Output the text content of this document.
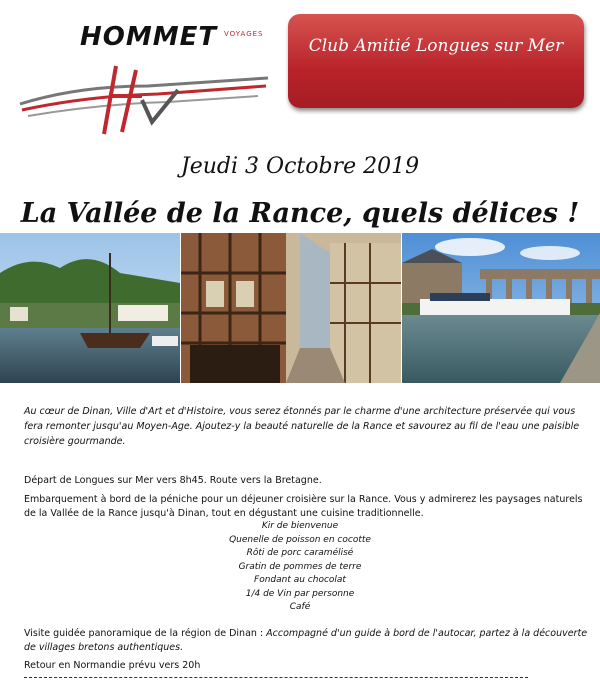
HOMMET VOYAGES
Club Amitié Longues sur Mer
Jeudi 3 Octobre 2019
La Vallée de la Rance, quels délices !
Au cœur de Dinan, Ville d'Art et d'Histoire, vous serez étonnés par le charme d'une architecture préservée qui vous fera remonter jusqu'au Moyen-Age. Ajoutez-y la beauté naturelle de la Rance et savourez au fil de l'eau une paisible croisière gourmande.
Départ de Longues sur Mer vers 8h45. Route vers la Bretagne.
Embarquement à bord de la péniche pour un déjeuner croisière sur la Rance. Vous y admirerez les paysages naturels de la Vallée de la Rance jusqu'à Dinan, tout en dégustant une cuisine traditionnelle.
Kir de bienvenue
Quenelle de poisson en cocotte
Rôti de porc caramélisé
Gratin de pommes de terre
Fondant au chocolat
1/4 de Vin par personne
Café
Visite guidée panoramique de la région de Dinan : Accompagné d'un guide à bord de l'autocar, partez à la découverte de villages bretons authentiques.
Retour en Normandie prévu vers 20h
